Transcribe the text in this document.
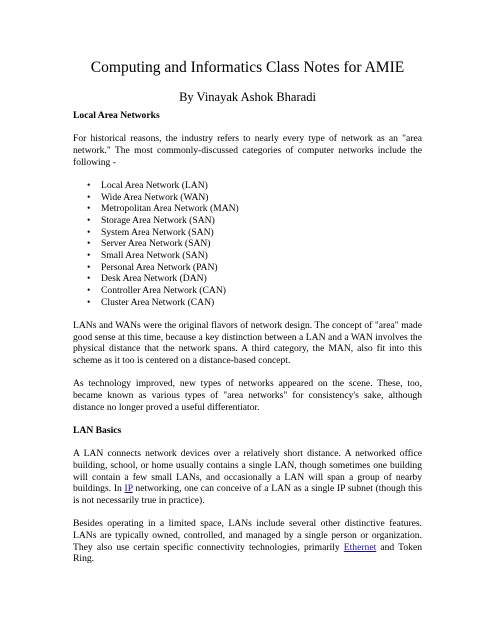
Computing and Informatics Class Notes for AMIE
By Vinayak Ashok Bharadi
Local Area Networks

For historical reasons, the industry refers to nearly every type of network as an "area network." The most commonly-discussed categories of computer networks include the following -

•	Local Area Network (LAN)
•	Wide Area Network (WAN)
•	Metropolitan Area Network (MAN)
•	Storage Area Network (SAN)
•	System Area Network (SAN)
•	Server Area Network (SAN)
•	Small Area Network (SAN)
•	Personal Area Network (PAN)
•	Desk Area Network (DAN)
•	Controller Area Network (CAN)
•	Cluster Area Network (CAN)

LANs and WANs were the original flavors of network design. The concept of "area" made good sense at this time, because a key distinction between a LAN and a WAN involves the physical distance that the network spans. A third category, the MAN, also fit into this scheme as it too is centered on a distance-based concept.

As technology improved, new types of networks appeared on the scene. These, too, became known as various types of "area networks" for consistency's sake, although distance no longer proved a useful differentiator.

LAN Basics

A LAN connects network devices over a relatively short distance. A networked office building, school, or home usually contains a single LAN, though sometimes one building will contain a few small LANs, and occasionally a LAN will span a group of nearby buildings. In IP networking, one can conceive of a LAN as a single IP subnet (though this is not necessarily true in practice).

Besides operating in a limited space, LANs include several other distinctive features. LANs are typically owned, controlled, and managed by a single person or organization. They also use certain specific connectivity technologies, primarily Ethernet and Token Ring.
